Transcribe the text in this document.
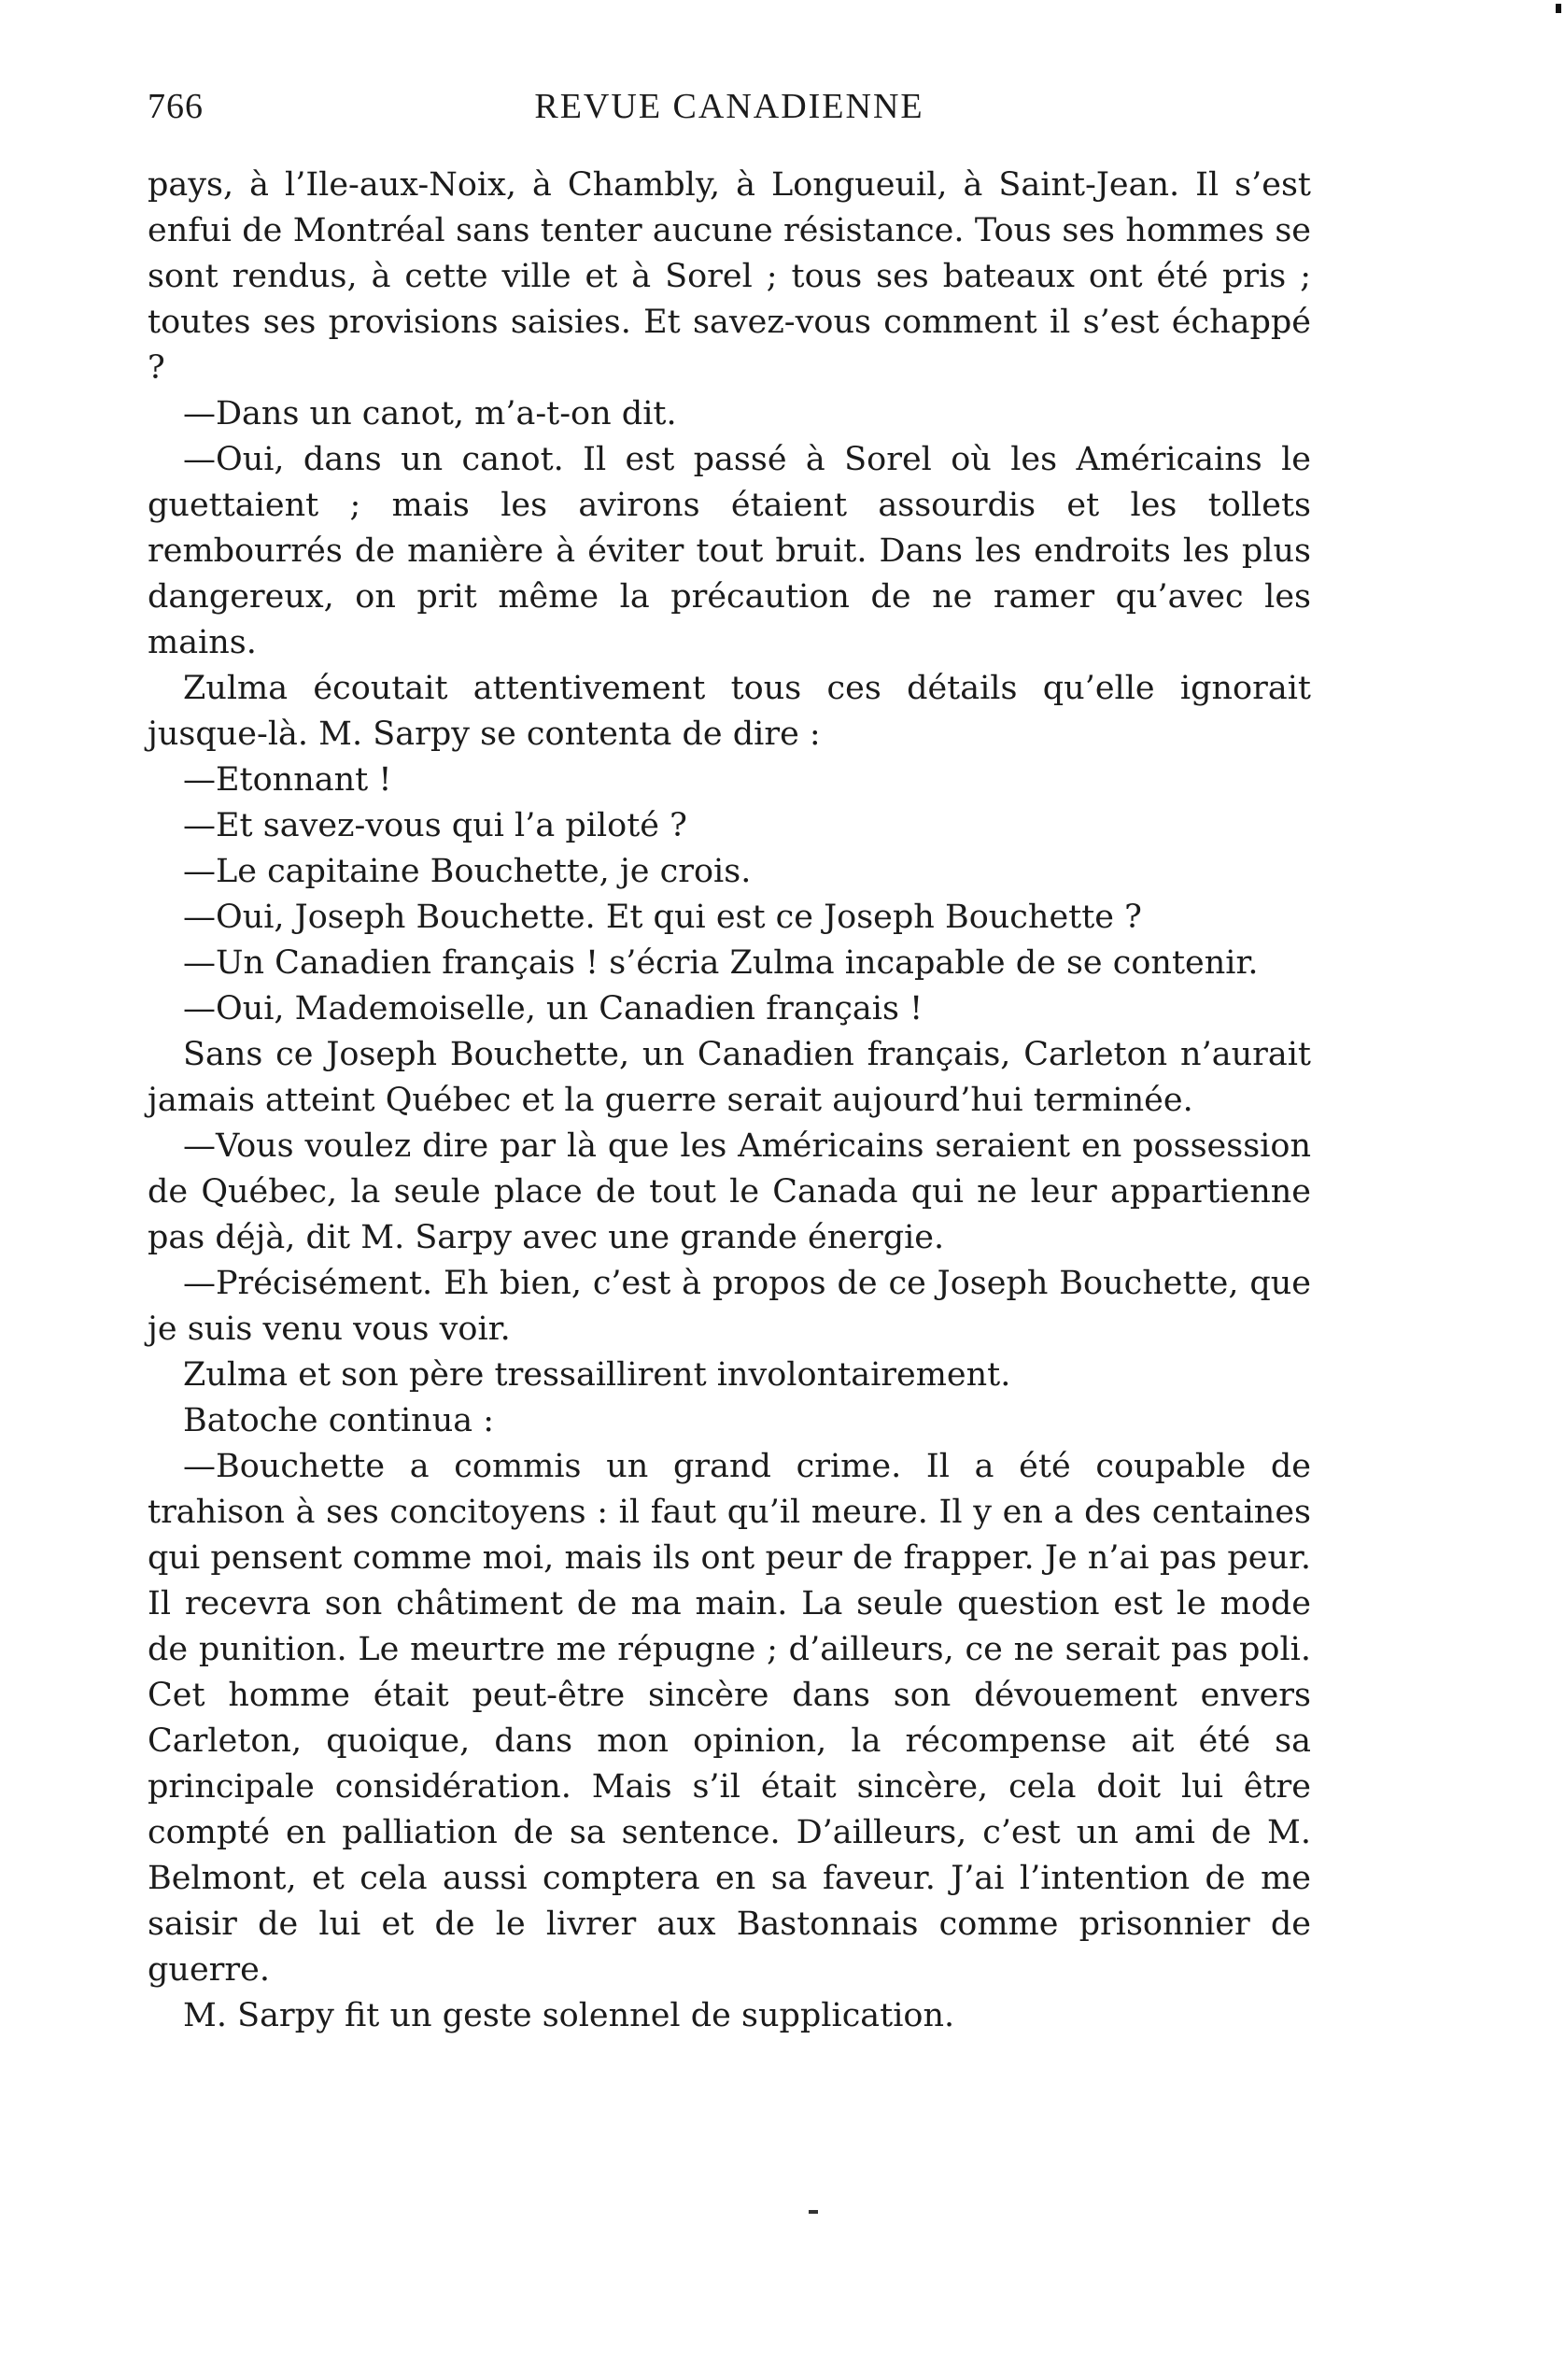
766	REVUE CANADIENNE

pays, à l’Ile-aux-Noix, à Chambly, à Longueuil, à Saint-Jean. Il s’est enfui de Montréal sans tenter aucune résistance. Tous ses hommes se sont rendus, à cette ville et à Sorel ; tous ses bateaux ont été pris ; toutes ses provisions saisies. Et savez-vous comment il s’est échappé ?

—Dans un canot, m’a-t-on dit.

—Oui, dans un canot. Il est passé à Sorel où les Américains le guettaient ; mais les avirons étaient assourdis et les tollets rembourrés de manière à éviter tout bruit. Dans les endroits les plus dangereux, on prit même la précaution de ne ramer qu’avec les mains.

Zulma écoutait attentivement tous ces détails qu’elle ignorait jusque-là. M. Sarpy se contenta de dire :

—Etonnant !

—Et savez-vous qui l’a piloté ?

—Le capitaine Bouchette, je crois.

—Oui, Joseph Bouchette. Et qui est ce Joseph Bouchette ?

—Un Canadien français ! s’écria Zulma incapable de se contenir.

—Oui, Mademoiselle, un Canadien français !

Sans ce Joseph Bouchette, un Canadien français, Carleton n’aurait jamais atteint Québec et la guerre serait aujourd’hui terminée.

—Vous voulez dire par là que les Américains seraient en possession de Québec, la seule place de tout le Canada qui ne leur appartienne pas déjà, dit M. Sarpy avec une grande énergie.

—Précisément. Eh bien, c’est à propos de ce Joseph Bouchette, que je suis venu vous voir.

Zulma et son père tressaillirent involontairement.

Batoche continua :

—Bouchette a commis un grand crime. Il a été coupable de trahison à ses concitoyens : il faut qu’il meure. Il y en a des centaines qui pensent comme moi, mais ils ont peur de frapper. Je n’ai pas peur. Il recevra son châtiment de ma main. La seule question est le mode de punition. Le meurtre me répugne ; d’ailleurs, ce ne serait pas poli. Cet homme était peut-être sincère dans son dévouement envers Carleton, quoique, dans mon opinion, la récompense ait été sa principale considération. Mais s’il était sincère, cela doit lui être compté en palliation de sa sentence. D’ailleurs, c’est un ami de M. Belmont, et cela aussi comptera en sa faveur. J’ai l’intention de me saisir de lui et de le livrer aux Bastonnais comme prisonnier de guerre.

M. Sarpy fit un geste solennel de supplication.
